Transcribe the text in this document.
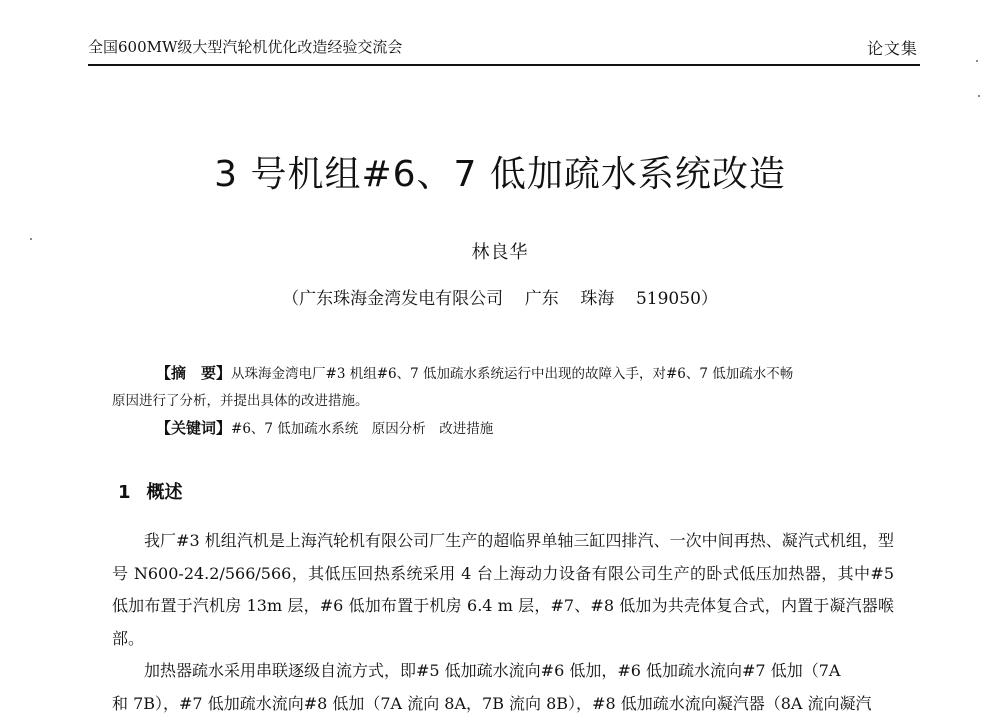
全国600MW级大型汽轮机优化改造经验交流会	论文集
3 号机组#6、7 低加疏水系统改造
林良华
（广东珠海金湾发电有限公司 广东 珠海 519050）
【摘　要】从珠海金湾电厂#3 机组#6、7 低加疏水系统运行中出现的故障入手，对#6、7 低加疏水不畅
原因进行了分析，并提出具体的改进措施。
【关键词】#6、7 低加疏水系统　原因分析　改进措施
1 概述

我厂#3 机组汽机是上海汽轮机有限公司厂生产的超临界单轴三缸四排汽、一次中间再热、凝汽式机组，型号 N600-24.2/566/566，其低压回热系统采用 4 台上海动力设备有限公司生产的卧式低压加热器，其中#5 低加布置于汽机房 13m 层，#6 低加布置于机房 6.4 m 层，#7、#8 低加为共壳体复合式，内置于凝汽器喉部。

加热器疏水采用串联逐级自流方式，即#5 低加疏水流向#6 低加，#6 低加疏水流向#7 低加（7A

和 7B），#7 低加疏水流向#8 低加（7A 流向 8A，7B 流向 8B），#8 低加疏水流向凝汽器（8A 流向凝汽
